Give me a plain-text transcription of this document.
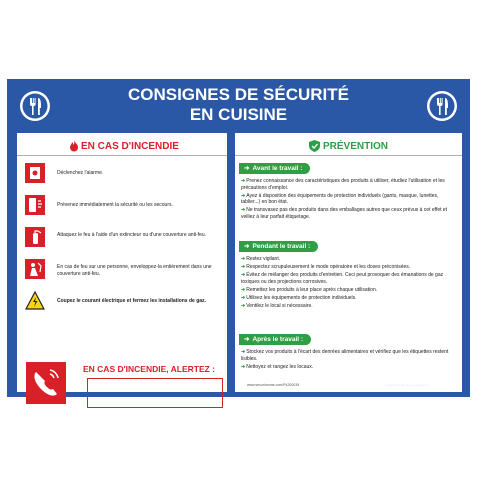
CONSIGNES DE SÉCURITÉ
EN CUISINE
EN CAS D'INCENDIE
Déclenchez l'alarme.
Prévenez immédiatement la sécurité ou les secours.
Attaquez le feu à l'aide d'un extincteur ou d'une couverture anti-feu.
En cas de feu sur une personne, enveloppez-la entièrement dans une couverture anti-feu.
Coupez le courant électrique et fermez les installations de gaz.
EN CAS D'INCENDIE, ALERTEZ :
PRÉVENTION
➜ Avant le travail :
➜Prenez connaissance des caractéristiques des produits à utiliser, étudiez l'utilisation et les précautions d'emploi.
➜Ayez à disposition des équipements de protection individuels (gants, masque, lunettes, tablier...) en bon état.
➜Ne transvasez pas des produits dans des emballages autres que ceux prévus à cet effet et veillez à leur parfait étiquetage.
➜ Pendant le travail :
➜Restez vigilant.
➜Respectez scrupuleusement le mode opératoire et les doses préconisées.
➜Évitez de mélanger des produits d'entretien. Ceci peut provoquer des émanations de gaz toxiques ou des projections corrosives.
➜Remettez les produits à leur place après chaque utilisation.
➜Utilisez les équipements de protection individuels.
➜Ventilez le local si nécessaire.
➜ Après le travail :
➜Stockez vos produits à l'écart des denrées alimentaires et vérifiez que les étiquettes restent lisibles.
➜Nettoyez et rangez les locaux.
www.securinorme.com/P4200039
